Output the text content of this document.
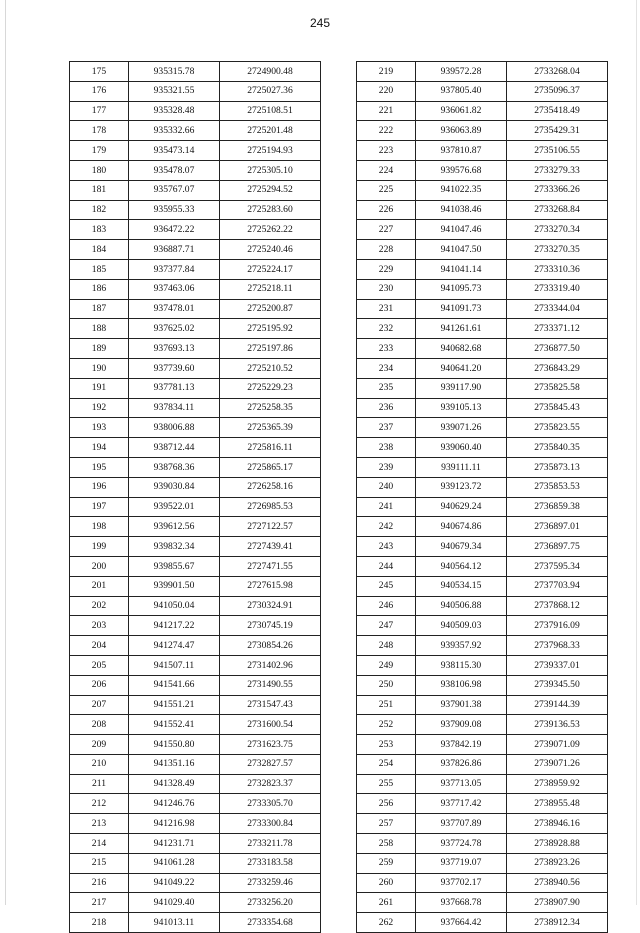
245
175	935315.78	2724900.48
176	935321.55	2725027.36
177	935328.48	2725108.51
178	935332.66	2725201.48
179	935473.14	2725194.93
180	935478.07	2725305.10
181	935767.07	2725294.52
182	935955.33	2725283.60
183	936472.22	2725262.22
184	936887.71	2725240.46
185	937377.84	2725224.17
186	937463.06	2725218.11
187	937478.01	2725200.87
188	937625.02	2725195.92
189	937693.13	2725197.86
190	937739.60	2725210.52
191	937781.13	2725229.23
192	937834.11	2725258.35
193	938006.88	2725365.39
194	938712.44	2725816.11
195	938768.36	2725865.17
196	939030.84	2726258.16
197	939522.01	2726985.53
198	939612.56	2727122.57
199	939832.34	2727439.41
200	939855.67	2727471.55
201	939901.50	2727615.98
202	941050.04	2730324.91
203	941217.22	2730745.19
204	941274.47	2730854.26
205	941507.11	2731402.96
206	941541.66	2731490.55
207	941551.21	2731547.43
208	941552.41	2731600.54
209	941550.80	2731623.75
210	941351.16	2732827.57
211	941328.49	2732823.37
212	941246.76	2733305.70
213	941216.98	2733300.84
214	941231.71	2733211.78
215	941061.28	2733183.58
216	941049.22	2733259.46
217	941029.40	2733256.20
218	941013.11	2733354.68
219	939572.28	2733268.04
220	937805.40	2735096.37
221	936061.82	2735418.49
222	936063.89	2735429.31
223	937810.87	2735106.55
224	939576.68	2733279.33
225	941022.35	2733366.26
226	941038.46	2733268.84
227	941047.46	2733270.34
228	941047.50	2733270.35
229	941041.14	2733310.36
230	941095.73	2733319.40
231	941091.73	2733344.04
232	941261.61	2733371.12
233	940682.68	2736877.50
234	940641.20	2736843.29
235	939117.90	2735825.58
236	939105.13	2735845.43
237	939071.26	2735823.55
238	939060.40	2735840.35
239	939111.11	2735873.13
240	939123.72	2735853.53
241	940629.24	2736859.38
242	940674.86	2736897.01
243	940679.34	2736897.75
244	940564.12	2737595.34
245	940534.15	2737703.94
246	940506.88	2737868.12
247	940509.03	2737916.09
248	939357.92	2737968.33
249	938115.30	2739337.01
250	938106.98	2739345.50
251	937901.38	2739144.39
252	937909.08	2739136.53
253	937842.19	2739071.09
254	937826.86	2739071.26
255	937713.05	2738959.92
256	937717.42	2738955.48
257	937707.89	2738946.16
258	937724.78	2738928.88
259	937719.07	2738923.26
260	937702.17	2738940.56
261	937668.78	2738907.90
262	937664.42	2738912.34
